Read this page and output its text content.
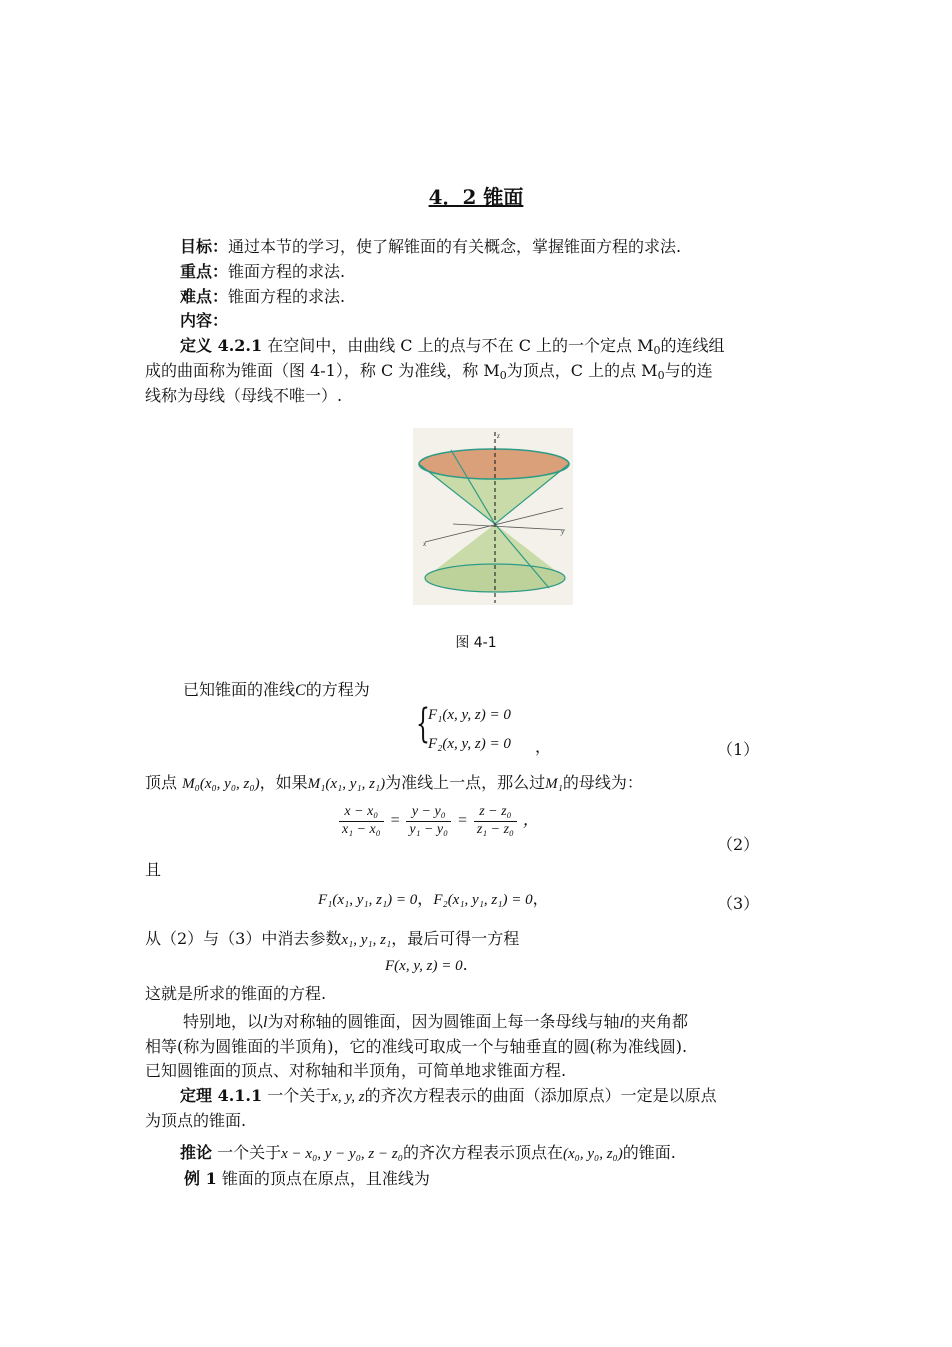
4．2 锥面
目标：通过本节的学习，使了解锥面的有关概念，掌握锥面方程的求法.
重点：锥面方程的求法.
难点：锥面方程的求法.
内容：
定义 4.2.1 在空间中，由曲线 C 上的点与不在 C 上的一个定点 $M_0$的连线组
成的曲面称为锥面（图 4-1），称 C 为准线，称 $M_0$为顶点，C 上的点 $M_0$与的连
线称为母线（母线不唯一）.
z
x
y
图 4-1
已知锥面的准线C的方程为
{
F₁(x, y, z) = 0
F₂(x, y, z) = 0 ，	（1）
顶点 M₀(x₀, y₀, z₀)，如果M₁(x₁, y₁, z₁)为准线上一点，那么过M₁的母线为：
$\frac{\text{x − x₀}}{\text{x₁ − x₀}} = \frac{\text{y − y₀}}{\text{y₁ − y₀}} = \frac{\text{z − z₀}}{\text{z₁ − z₀}}$ ，
（2）
且
F₁(x₁, y₁, z₁) = 0，F₂(x₁, y₁, z₁) = 0，	（3）
从（2）与（3）中消去参数x₁, y₁, z₁，最后可得一方程
F(x, y, z) = 0.
这就是所求的锥面的方程.
特别地，以l为对称轴的圆锥面，因为圆锥面上每一条母线与轴l的夹角都
相等(称为圆锥面的半顶角)，它的准线可取成一个与轴垂直的圆(称为准线圆).
已知圆锥面的顶点、对称轴和半顶角，可简单地求锥面方程.
定理 4.1.1 一个关于x, y, z的齐次方程表示的曲面（添加原点）一定是以原点
为顶点的锥面.
推论 一个关于x − x₀, y − y₀, z − z₀的齐次方程表示顶点在(x₀, y₀, z₀)的锥面.
例 1 锥面的顶点在原点，且准线为
